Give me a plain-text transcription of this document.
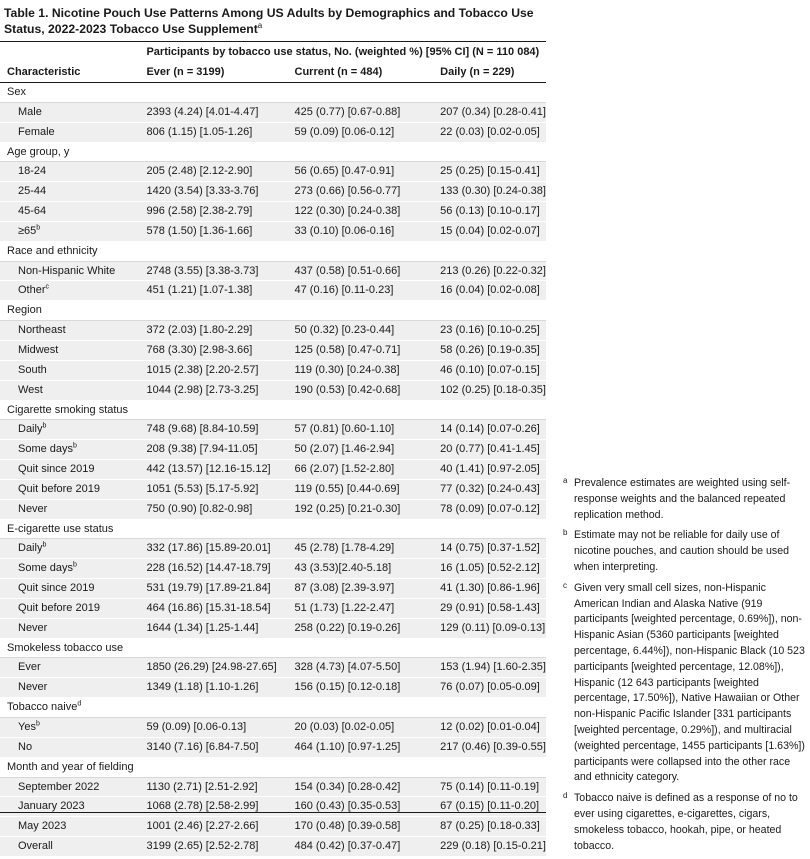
Table 1. Nicotine Pouch Use Patterns Among US Adults by Demographics and Tobacco Use Status, 2022-2023 Tobacco Use Supplement$^a$
	Participants by tobacco use status, No. (weighted %) [95% CI] (N = 110 084)		
Characteristic	Ever (n = 3199)	Current (n = 484)	Daily (n = 229)
Sex			
Male	2393 (4.24) [4.01-4.47]	425 (0.77) [0.67-0.88]	207 (0.34) [0.28-0.41]
Female	806 (1.15) [1.05-1.26]	59 (0.09) [0.06-0.12]	22 (0.03) [0.02-0.05]
Age group, y			
18-24	205 (2.48) [2.12-2.90]	56 (0.65) [0.47-0.91]	25 (0.25) [0.15-0.41]
25-44	1420 (3.54) [3.33-3.76]	273 (0.66) [0.56-0.77]	133 (0.30) [0.24-0.38]
45-64	996 (2.58) [2.38-2.79]	122 (0.30) [0.24-0.38]	56 (0.13) [0.10-0.17]
$\ge 65^b$	578 (1.50) [1.36-1.66]	33 (0.10) [0.06-0.16]	15 (0.04) [0.02-0.07]
Race and ethnicity			
Non-Hispanic White	2748 (3.55) [3.38-3.73]	437 (0.58) [0.51-0.66]	213 (0.26) [0.22-0.32]
Other$^c$	451 (1.21) [1.07-1.38]	47 (0.16) [0.11-0.23]	16 (0.04) [0.02-0.08]
Region			
Northeast	372 (2.03) [1.80-2.29]	50 (0.32) [0.23-0.44]	23 (0.16) [0.10-0.25]
Midwest	768 (3.30) [2.98-3.66]	125 (0.58) [0.47-0.71]	58 (0.26) [0.19-0.35]
South	1015 (2.38) [2.20-2.57]	119 (0.30) [0.24-0.38]	46 (0.10) [0.07-0.15]
West	1044 (2.98) [2.73-3.25]	190 (0.53) [0.42-0.68]	102 (0.25) [0.18-0.35]
Cigarette smoking status			
Daily$^b$	748 (9.68) [8.84-10.59]	57 (0.81) [0.60-1.10]	14 (0.14) [0.07-0.26]
Some days$^b$	208 (9.38) [7.94-11.05]	50 (2.07) [1.46-2.94]	20 (0.77) [0.41-1.45]
Quit since 2019	442 (13.57) [12.16-15.12]	66 (2.07) [1.52-2.80]	40 (1.41) [0.97-2.05]
Quit before 2019	1051 (5.53) [5.17-5.92]	119 (0.55) [0.44-0.69]	77 (0.32) [0.24-0.43]
Never	750 (0.90) [0.82-0.98]	192 (0.25) [0.21-0.30]	78 (0.09) [0.07-0.12]
E-cigarette use status			
Daily$^b$	332 (17.86) [15.89-20.01]	45 (2.78) [1.78-4.29]	14 (0.75) [0.37-1.52]
Some days$^b$	228 (16.52) [14.47-18.79]	43 (3.53)[2.40-5.18]	16 (1.05) [0.52-2.12]
Quit since 2019	531 (19.79) [17.89-21.84]	87 (3.08) [2.39-3.97]	41 (1.30) [0.86-1.96]
Quit before 2019	464 (16.86) [15.31-18.54]	51 (1.73) [1.22-2.47]	29 (0.91) [0.58-1.43]
Never	1644 (1.34) [1.25-1.44]	258 (0.22) [0.19-0.26]	129 (0.11) [0.09-0.13]
Smokeless tobacco use			
Ever	1850 (26.29) [24.98-27.65]	328 (4.73) [4.07-5.50]	153 (1.94) [1.60-2.35]
Never	1349 (1.18) [1.10-1.26]	156 (0.15) [0.12-0.18]	76 (0.07) [0.05-0.09]
Tobacco naive$^d$
Yes$^b$	59 (0.09) [0.06-0.13]	20 (0.03) [0.02-0.05]	12 (0.02) [0.01-0.04]
No	3140 (7.16) [6.84-7.50]	464 (1.10) [0.97-1.25]	217 (0.46) [0.39-0.55]
Month and year of fielding			
September 2022	1130 (2.71) [2.51-2.92]	154 (0.34) [0.28-0.42]	75 (0.14) [0.11-0.19]
January 2023	1068 (2.78) [2.58-2.99]	160 (0.43) [0.35-0.53]	67 (0.15) [0.11-0.20]
May 2023	1001 (2.46) [2.27-2.66]	170 (0.48) [0.39-0.58]	87 (0.25) [0.18-0.33]
Overall	3199 (2.65) [2.52-2.78]	484 (0.42) [0.37-0.47]	229 (0.18) [0.15-0.21]
a Prevalence estimates are weighted using self-response weights and the balanced repeated replication method.
b Estimate may not be reliable for daily use of nicotine pouches, and caution should be used when interpreting.
c Given very small cell sizes, non-Hispanic American Indian and Alaska Native (919 participants [weighted percentage, 0.69%]), non-Hispanic Asian (5360 participants [weighted percentage, 6.44%]), non-Hispanic Black (10 523 participants [weighted percentage, 12.08%]), Hispanic (12 643 participants [weighted percentage, 17.50%]), Native Hawaiian or Other non-Hispanic Pacific Islander [331 participants [weighted percentage, 0.29%]), and multiracial (weighted percentage, 1455 participants [1.63%]) participants were collapsed into the other race and ethnicity category.
d Tobacco naive is defined as a response of no to ever using cigarettes, e-cigarettes, cigars, smokeless tobacco, hookah, pipe, or heated tobacco.
